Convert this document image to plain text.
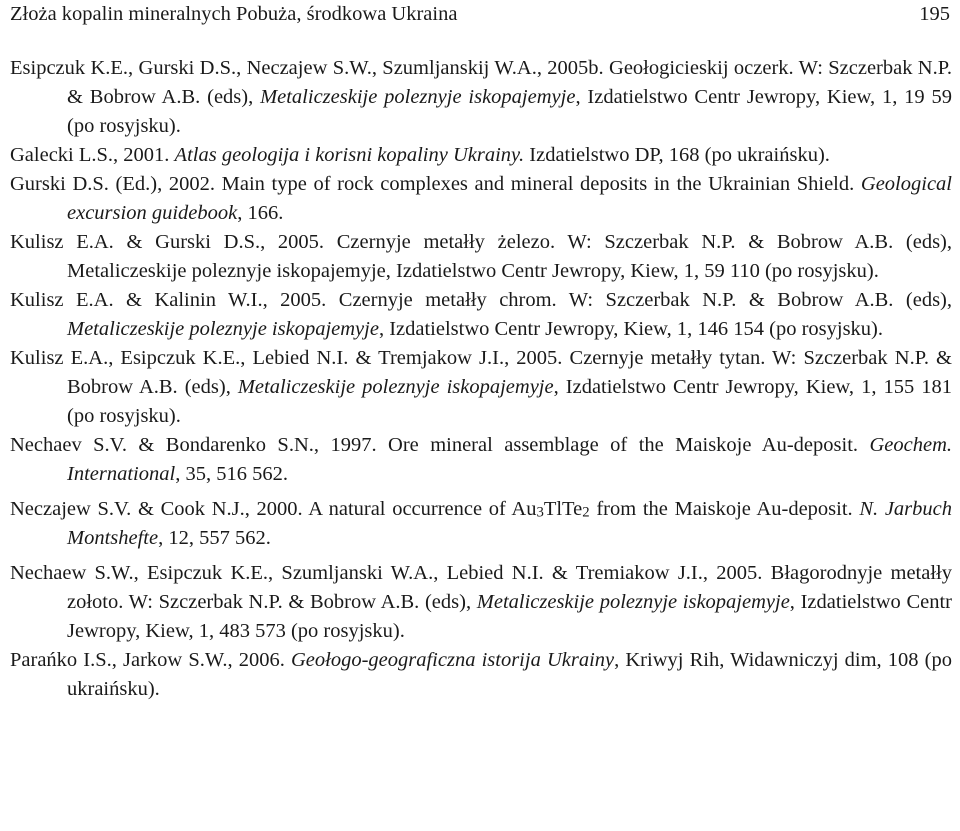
Złoża kopalin mineralnych Pobuża, środkowa Ukraina	195

Esipczuk K.E., Gurski D.S., Neczajew S.W., Szumljanskij W.A., 2005b. Geołogicieskij oczerk. W: Szczerbak N.P. & Bobrow A.B. (eds), Metaliczeskije poleznyje iskopajemyje, Izdatielstwo Centr Jewropy, Kiew, 1, 19 59 (po rosyjsku).

Galecki L.S., 2001. Atlas geologija i korisni kopaliny Ukrainy. Izdatielstwo DP, 168 (po ukraińsku).

Gurski D.S. (Ed.), 2002. Main type of rock complexes and mineral deposits in the Ukrainian Shield. Geological excursion guidebook, 166.

Kulisz E.A. & Gurski D.S., 2005. Czernyje metałły żelezo. W: Szczerbak N.P. & Bobrow A.B. (eds), Metaliczeskije poleznyje iskopajemyje, Izdatielstwo Centr Jewropy, Kiew, 1, 59 110 (po rosyjsku).

Kulisz E.A. & Kalinin W.I., 2005. Czernyje metałły chrom. W: Szczerbak N.P. & Bobrow A.B. (eds), Metaliczeskije poleznyje iskopajemyje, Izdatielstwo Centr Jewropy, Kiew, 1, 146 154 (po rosyjsku).

Kulisz E.A., Esipczuk K.E., Lebied N.I. & Tremjakow J.I., 2005. Czernyje metałły tytan. W: Szczerbak N.P. & Bobrow A.B. (eds), Metaliczeskije poleznyje iskopajemyje, Izdatielstwo Centr Jewropy, Kiew, 1, 155 181 (po rosyjsku).

Nechaev S.V. & Bondarenko S.N., 1997. Ore mineral assemblage of the Maiskoje Au-deposit. Geochem. International, 35, 516 562.

Neczajew S.V. & Cook N.J., 2000. A natural occurrence of $Au_3TlTe_2$ from the Maiskoje Au-deposit. N. Jarbuch Montshefte, 12, 557 562.

Nechaew S.W., Esipczuk K.E., Szumljanski W.A., Lebied N.I. & Tremiakow J.I., 2005. Błagorodnyje metałły zołoto. W: Szczerbak N.P. & Bobrow A.B. (eds), Metaliczeskije poleznyje iskopajemyje, Izdatielstwo Centr Jewropy, Kiew, 1, 483 573 (po rosyjsku).

Parańko I.S., Jarkow S.W., 2006. Geołogo-geograficzna istorija Ukrainy, Kriwyj Rih, Widawniczyj dim, 108 (po ukraińsku).
